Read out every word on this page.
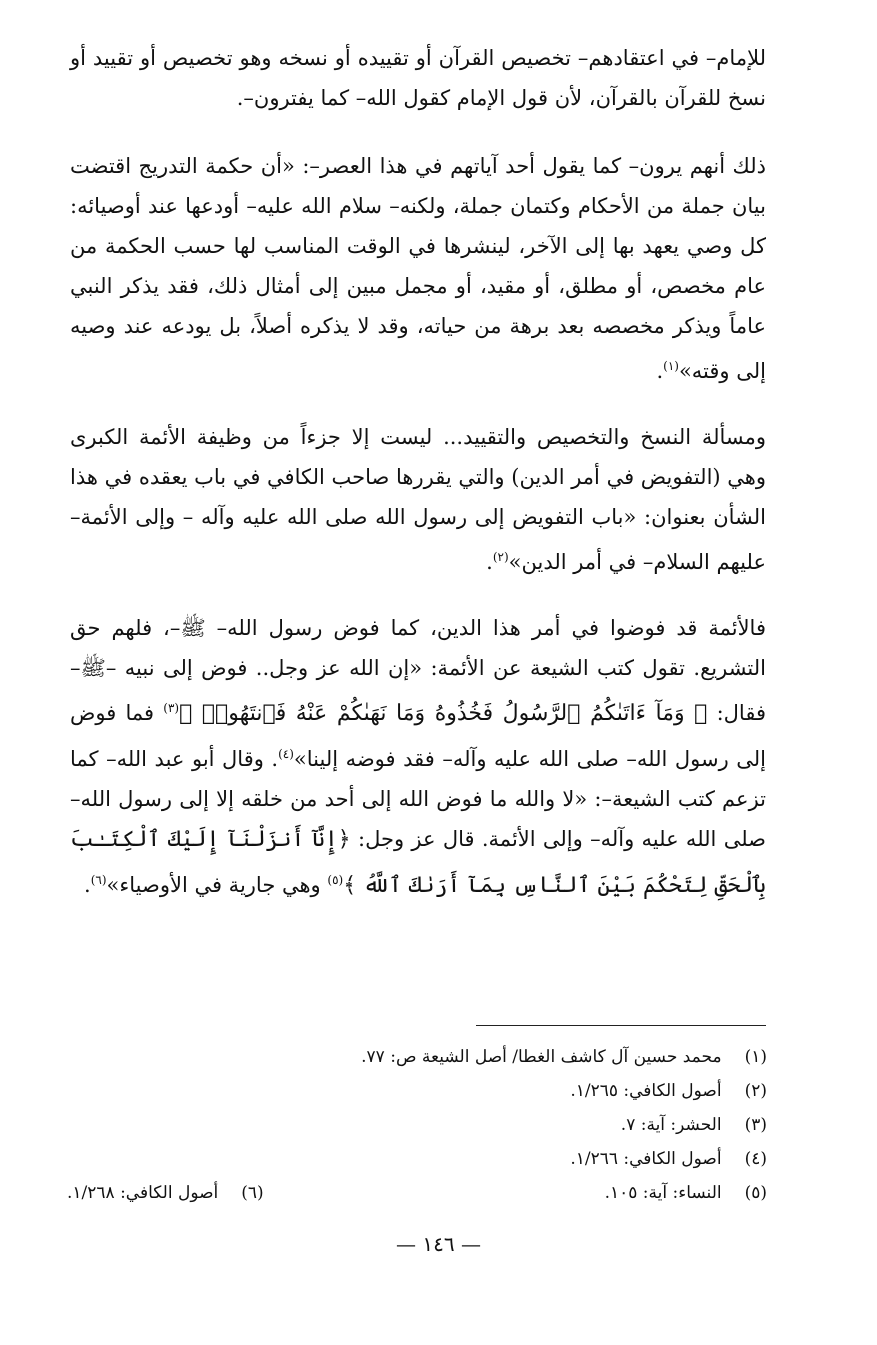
للإمام– في اعتقادهم– تخصيص القرآن أو تقييده أو نسخه وهو تخصيص أو تقييد أو نسخ للقرآن بالقرآن، لأن قول الإمام كقول الله– كما يفترون–.

ذلك أنهم يرون– كما يقول أحد آياتهم في هذا العصر–: «أن حكمة التدريج اقتضت بيان جملة من الأحكام وكتمان جملة، ولكنه– سلام الله عليه– أودعها عند أوصيائه: كل وصي يعهد بها إلى الآخر، لينشرها في الوقت المناسب لها حسب الحكمة من عام مخصص، أو مطلق، أو مقيد، أو مجمل مبين إلى أمثال ذلك، فقد يذكر النبي عاماً ويذكر مخصصه بعد برهة من حياته، وقد لا يذكره أصلاً، بل يودعه عند وصيه إلى وقته»$^{(١)}$.

ومسألة النسخ والتخصيص والتقييد... ليست إلا جزءاً من وظيفة الأئمة الكبرى وهي (التفويض في أمر الدين) والتي يقررها صاحب الكافي في باب يعقده في هذا الشأن بعنوان: «باب التفويض إلى رسول الله صلى الله عليه وآله – وإلى الأئمة– عليهم السلام– في أمر الدين»$^{(٢)}$.

فالأئمة قد فوضوا في أمر هذا الدين، كما فوض رسول الله– ﷺ–، فلهم حق التشريع. تقول كتب الشيعة عن الأئمة: «إن الله عز وجل.. فوض إلى نبيه –ﷺ– فقال: ﴿ وَمَآ ءَاتَىٰكُمُ ٱلرَّسُولُ فَخُذُوهُ وَمَا نَهَىٰكُمْ عَنْهُ فَٱنتَهُوا۟ ﴾$^{(٣)}$ فما فوض إلى رسول الله– صلى الله عليه وآله– فقد فوضه إلينا»$^{(٤)}$. وقال أبو عبد الله– كما تزعم كتب الشيعة–: «لا والله ما فوض الله إلى أحد من خلقه إلا إلى رسول الله– صلى الله عليه وآله– وإلى الأئمة. قال عز وجل: ﴿إِنَّآ أَنزَلْنَآ إِلَيْكَ ٱلْكِتَـٰبَ بِٱلْحَقِّ لِتَحْكُمَ بَيْنَ ٱلنَّاسِ بِمَآ أَرَىٰكَ ٱللَّهُ ﴾$^{(٥)}$ وهي جارية في الأوصياء»$^{(٦)}$.

(١) محمد حسين آل كاشف الغطا/ أصل الشيعة ص: ٧٧.
(٢) أصول الكافي: ١/٢٦٥.
(٣) الحشر: آية: ٧.
(٤) أصول الكافي: ١/٢٦٦.
(٥) النساء: آية: ١٠٥.
(٦) أصول الكافي: ١/٢٦٨.
— ١٤٦ —
